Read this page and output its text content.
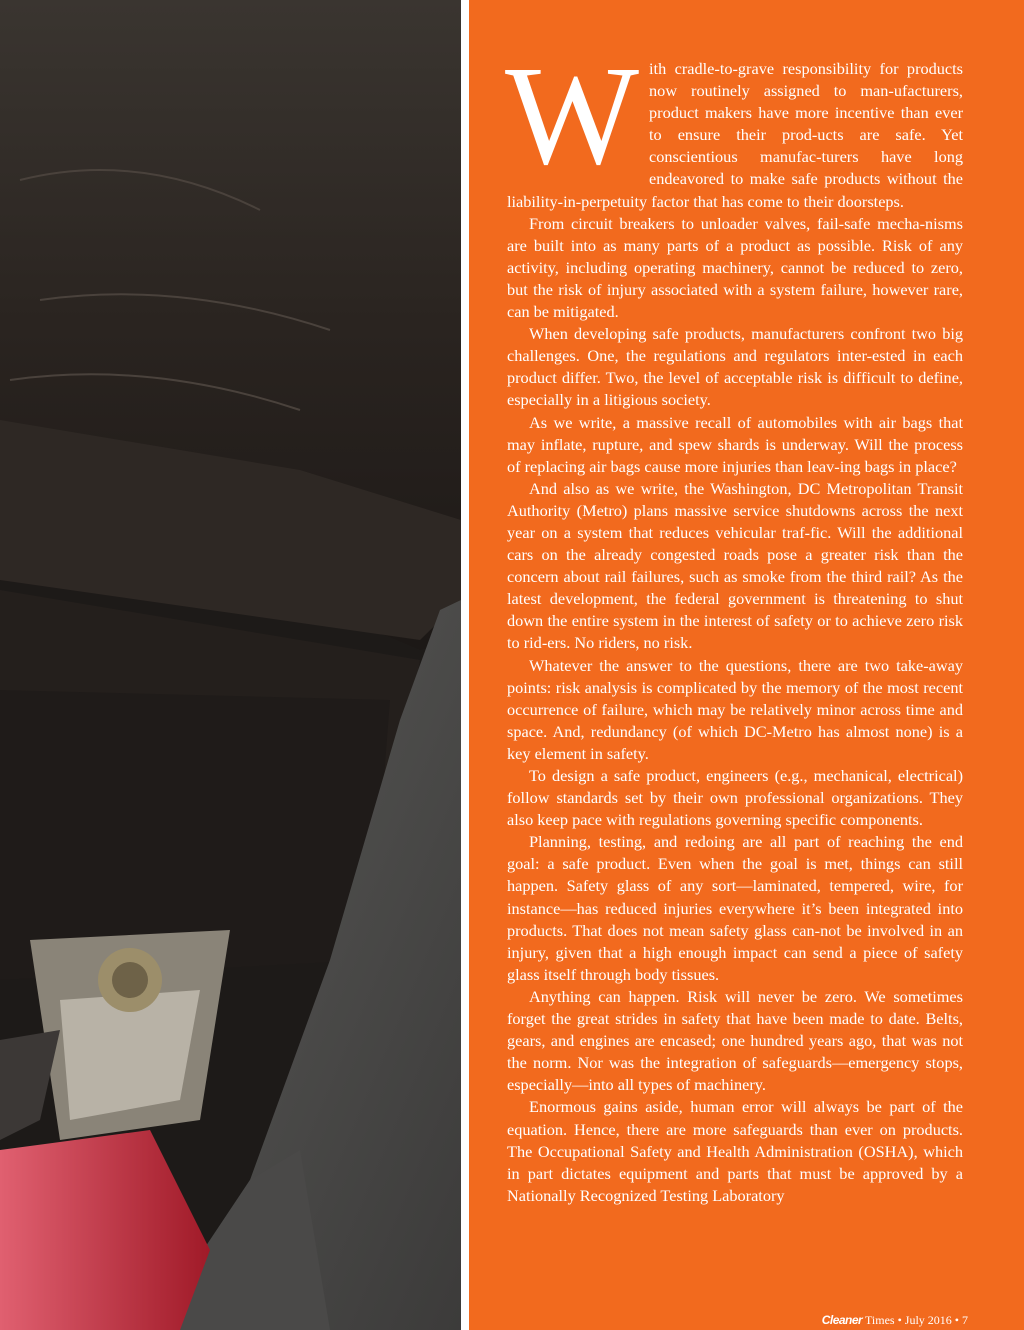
With cradle-to-grave responsibility for products now routinely assigned to man-ufacturers, product makers have more incentive than ever to ensure their prod-ucts are safe. Yet conscientious manufac-turers have long endeavored to make safe products without the liability-in-perpetuity factor that has come to their doorsteps.

From circuit breakers to unloader valves, fail-safe mecha-nisms are built into as many parts of a product as possible. Risk of any activity, including operating machinery, cannot be reduced to zero, but the risk of injury associated with a system failure, however rare, can be mitigated.

When developing safe products, manufacturers confront two big challenges. One, the regulations and regulators inter-ested in each product differ. Two, the level of acceptable risk is difficult to define, especially in a litigious society.

As we write, a massive recall of automobiles with air bags that may inflate, rupture, and spew shards is underway. Will the process of replacing air bags cause more injuries than leav-ing bags in place?

And also as we write, the Washington, DC Metropolitan Transit Authority (Metro) plans massive service shutdowns across the next year on a system that reduces vehicular traf-fic. Will the additional cars on the already congested roads pose a greater risk than the concern about rail failures, such as smoke from the third rail? As the latest development, the federal government is threatening to shut down the entire system in the interest of safety or to achieve zero risk to rid-ers. No riders, no risk.

Whatever the answer to the questions, there are two take-away points: risk analysis is complicated by the memory of the most recent occurrence of failure, which may be relatively minor across time and space. And, redundancy (of which DC-Metro has almost none) is a key element in safety.

To design a safe product, engineers (e.g., mechanical, electrical) follow standards set by their own professional organizations. They also keep pace with regulations governing specific components.

Planning, testing, and redoing are all part of reaching the end goal: a safe product. Even when the goal is met, things can still happen. Safety glass of any sort—laminated, tempered, wire, for instance—has reduced injuries everywhere it’s been integrated into products. That does not mean safety glass can-not be involved in an injury, given that a high enough impact can send a piece of safety glass itself through body tissues.

Anything can happen. Risk will never be zero. We sometimes forget the great strides in safety that have been made to date. Belts, gears, and engines are encased; one hundred years ago, that was not the norm. Nor was the integration of safeguards—emergency stops, especially—into all types of machinery.

Enormous gains aside, human error will always be part of the equation. Hence, there are more safeguards than ever on products. The Occupational Safety and Health Administration (OSHA), which in part dictates equipment and parts that must be approved by a Nationally Recognized Testing Laboratory

Cleaner Times • July 2016 • 7
